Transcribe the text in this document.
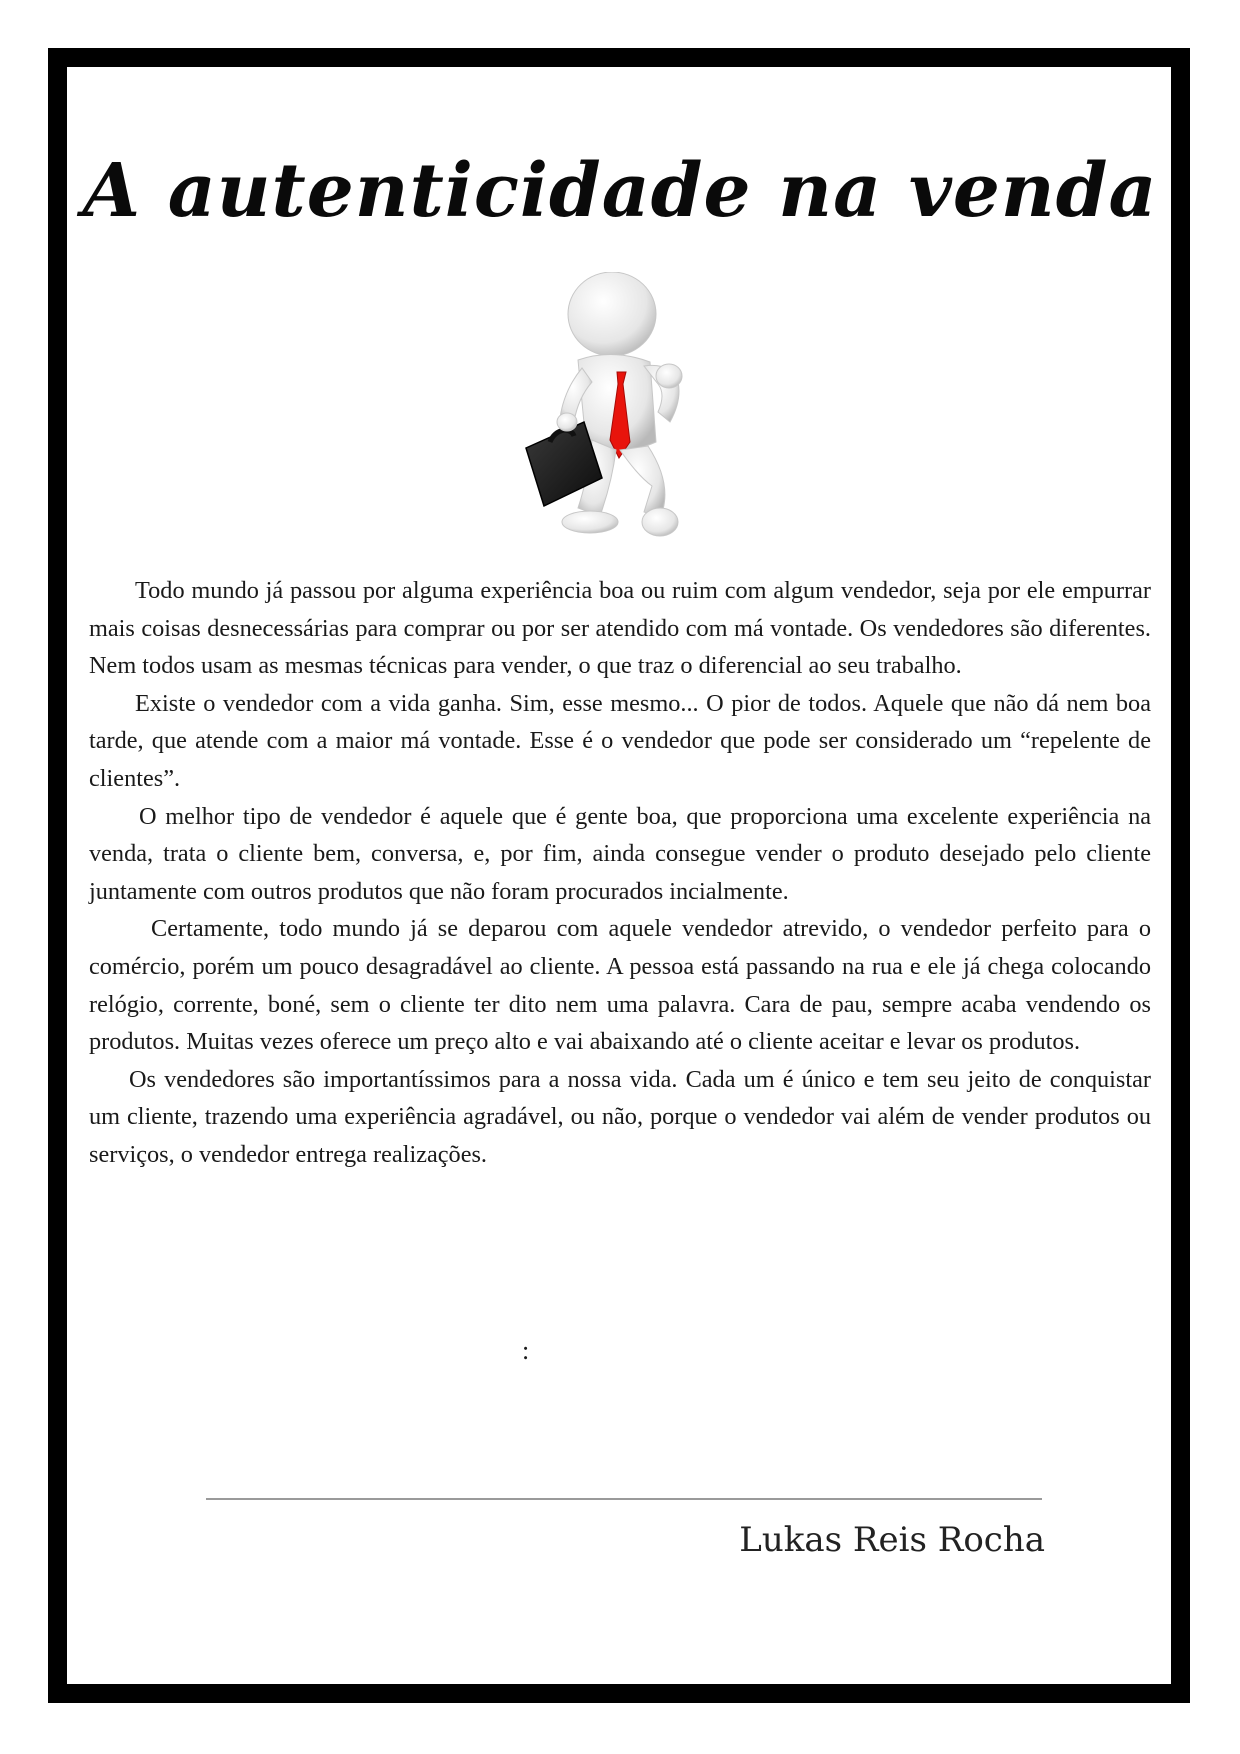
A autenticidade na venda

Todo mundo já passou por alguma experiência boa ou ruim com algum vendedor, seja por ele empurrar mais coisas desnecessárias para comprar ou por ser atendido com má vontade. Os vendedores são diferentes. Nem todos usam as mesmas técnicas para vender, o que traz o diferencial ao seu trabalho.

Existe o vendedor com a vida ganha. Sim, esse mesmo... O pior de todos. Aquele que não dá nem boa tarde, que atende com a maior má vontade. Esse é o vendedor que pode ser considerado um “repelente de clientes”.

O melhor tipo de vendedor é aquele que é gente boa, que proporciona uma excelente experiência na venda, trata o cliente bem, conversa, e, por fim, ainda consegue vender o produto desejado pelo cliente juntamente com outros produtos que não foram procurados incialmente.

Certamente, todo mundo já se deparou com aquele vendedor atrevido, o vendedor perfeito para o comércio, porém um pouco desagradável ao cliente. A pessoa está passando na rua e ele já chega colocando relógio, corrente, boné, sem o cliente ter dito nem uma palavra. Cara de pau, sempre acaba vendendo os produtos. Muitas vezes oferece um preço alto e vai abaixando até o cliente aceitar e levar os produtos.

Os vendedores são importantíssimos para a nossa vida. Cada um é único e tem seu jeito de conquistar um cliente, trazendo uma experiência agradável, ou não, porque o vendedor vai além de vender produtos ou serviços, o vendedor entrega realizações.

:
Lukas Reis Rocha
